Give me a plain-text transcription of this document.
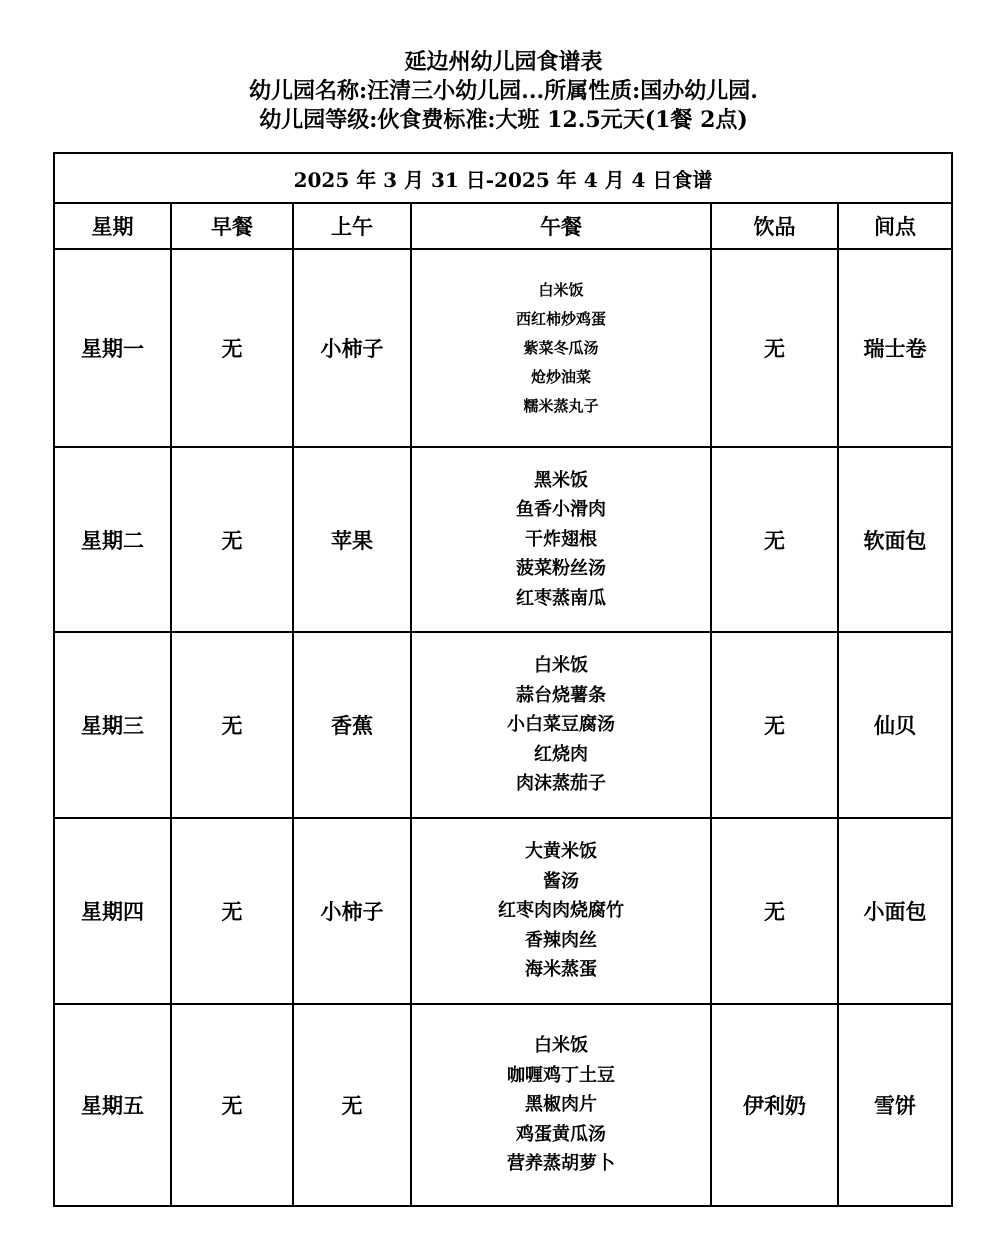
延边州幼儿园食谱表
幼儿园名称:汪清三小幼儿园...所属性质:国办幼儿园.
幼儿园等级:伙食费标准:大班 12.5元天(1餐 2点)
2025 年 3 月 31 日-2025 年 4 月 4 日食谱					
星期	早餐	上午	午餐	饮品	间点
星期一	无	小柿子	白米饭
西红柿炒鸡蛋
紫菜冬瓜汤
炝炒油菜
糯米蒸丸子	无	瑞士卷
星期二	无	苹果	黑米饭
鱼香小滑肉
干炸翅根
菠菜粉丝汤
红枣蒸南瓜	无	软面包
星期三	无	香蕉	白米饭
蒜台烧薯条
小白菜豆腐汤
红烧肉
肉沫蒸茄子	无	仙贝
星期四	无	小柿子	大黄米饭
酱汤
红枣肉肉烧腐竹
香辣肉丝
海米蒸蛋	无	小面包
星期五	无	无	白米饭
咖喱鸡丁土豆
黑椒肉片
鸡蛋黄瓜汤
营养蒸胡萝卜	伊利奶	雪饼
